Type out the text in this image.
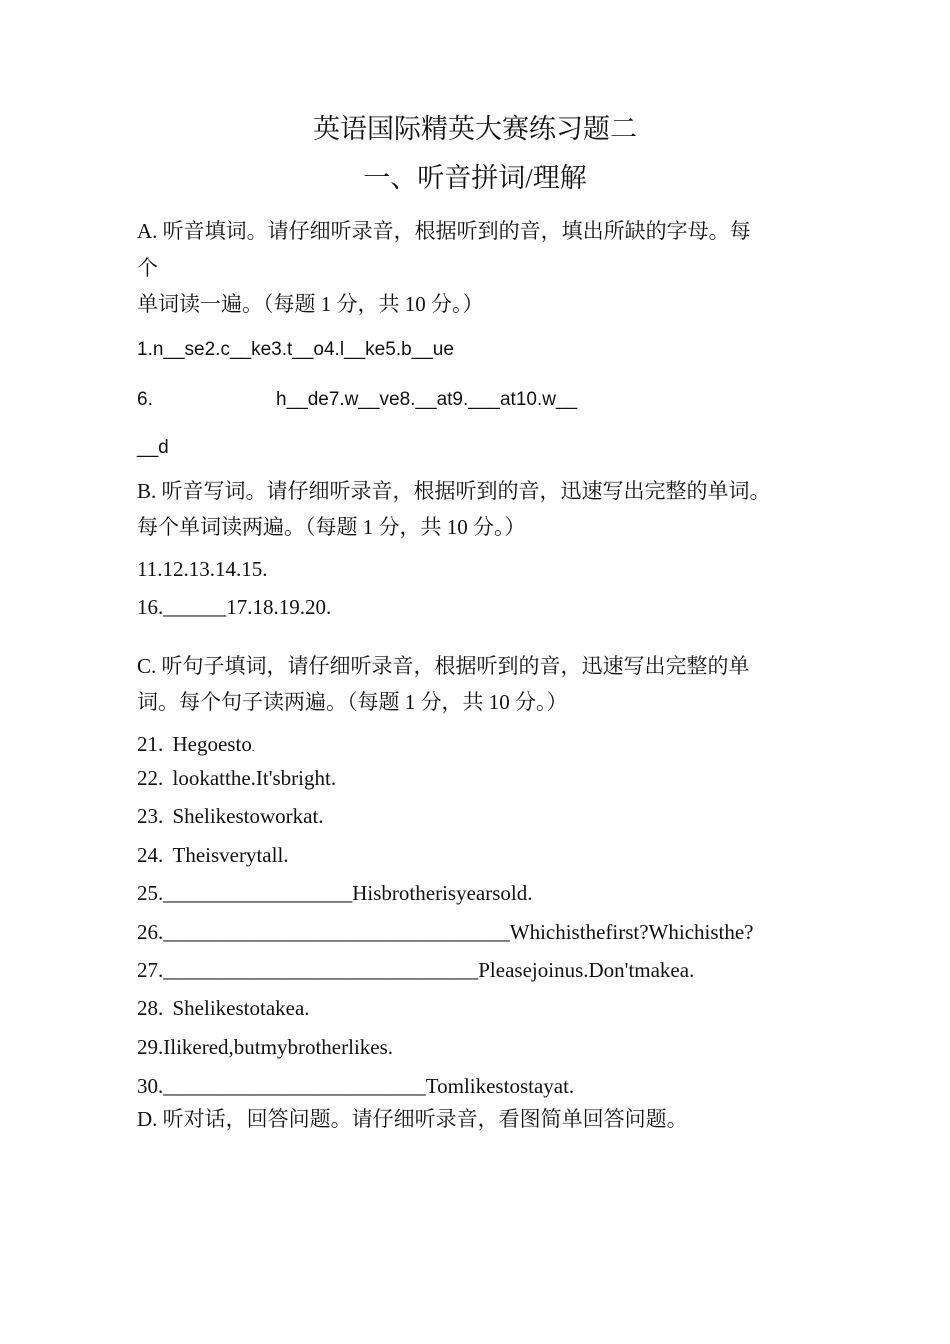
英语国际精英大赛练习题二
一、听音拼词/理解
A. 听音填词。请仔细听录音，根据听到的音，填出所缺的字母。每
个
单词读一遍。（每题 1 分，共 10 分。）
1.n__se2.c__ke3.t__o4.l__ke5.b__ue
6.	h__de7.w__ve8.__at9.___at10.w__
__d
B. 听音写词。请仔细听录音，根据听到的音，迅速写出完整的单词。
每个单词读两遍。（每题 1 分，共 10 分。）
11.12.13.14.15.
16.______17.18.19.20.
C. 听句子填词，请仔细听录音，根据听到的音，迅速写出完整的单
词。每个句子读两遍。（每题 1 分，共 10 分。）
21. Hegoesto.
22. lookatthe.It'sbright.
23. Shelikestoworkat.
24. Theisverytall.
25.__________________Hisbrotherisyearsold.
26._________________________________Whichisthefirst?Whichisthe?
27.______________________________Pleasejoinus.Don'tmakea.
28. Shelikestotakea.
29.Ilikered,butmybrotherlikes.
30._________________________Tomlikestostayat.
D. 听对话，回答问题。请仔细听录音，看图简单回答问题。
